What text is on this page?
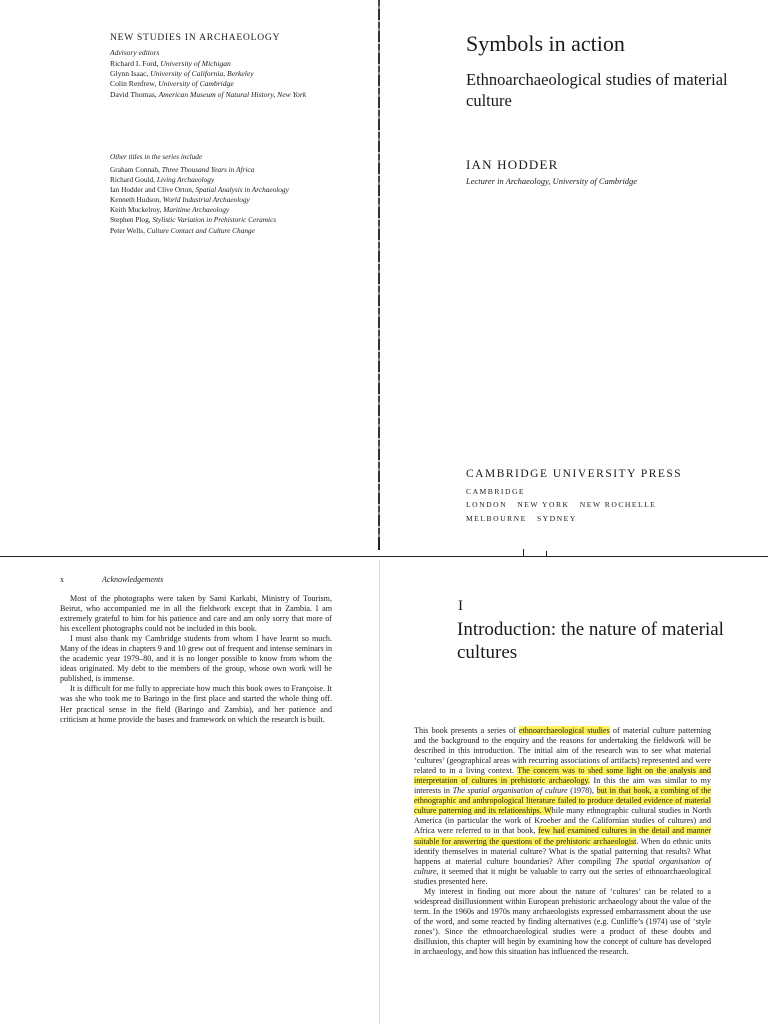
NEW STUDIES IN ARCHAEOLOGY
Advisory editors
Richard I. Ford, University of Michigan
Glynn Isaac, University of California, Berkeley
Colin Renfrew, University of Cambridge
David Thomas, American Museum of Natural History, New York
Other titles in the series include
Graham Connah, Three Thousand Years in Africa
Richard Gould, Living Archaeology
Ian Hodder and Clive Orton, Spatial Analysis in Archaeology
Kenneth Hudson, World Industrial Archaeology
Keith Muckelroy, Maritime Archaeology
Stephen Plog, Stylistic Variation in Prehistoric Ceramics
Peter Wells, Culture Contact and Culture Change
Symbols in action
Ethnoarchaeological studies of material culture
IAN HODDER
Lecturer in Archaeology, University of Cambridge
CAMBRIDGE UNIVERSITY PRESS
CAMBRIDGE
LONDON   NEW YORK   NEW ROCHELLE
MELBOURNE   SYDNEY
x	Acknowledgements

Most of the photographs were taken by Sami Karkabi, Ministry of Tourism, Beirut, who accompanied me in all the fieldwork except that in Zambia. I am extremely grateful to him for his patience and care and am only sorry that more of his excellent photographs could not be included in this book.

I must also thank my Cambridge students from whom I have learnt so much. Many of the ideas in chapters 9 and 10 grew out of frequent and intense seminars in the academic year 1979–80, and it is no longer possible to know from whom the ideas originated. My debt to the members of the group, whose own work will be published, is immense.

It is difficult for me fully to appreciate how much this book owes to Françoise. It was she who took me to Baringo in the first place and started the whole thing off. Her practical sense in the field (Baringo and Zambia), and her patience and criticism at home provide the bases and framework on which the research is built.

I
Introduction: the nature of material cultures

This book presents a series of ethnoarchaeological studies of material culture patterning and the background to the enquiry and the reasons for undertaking the fieldwork will be described in this introduction. The initial aim of the research was to see what material ‘cultures’ (geographical areas with recurring associations of artifacts) represented and were related to in a living context. The concern was to shed some light on the analysis and interpretation of cultures in prehistoric archaeology. In this the aim was similar to my interests in The spatial organisation of culture (1978), but in that book, a combing of the ethnographic and anthropological literature failed to produce detailed evidence of material culture patterning and its relationships. While many ethnographic cultural studies in North America (in particular the work of Kroeber and the Californian studies of cultures) and Africa were referred to in that book, few had examined cultures in the detail and manner suitable for answering the questions of the prehistoric archaeologist. When do ethnic units identify themselves in material culture? What is the spatial patterning that results? What happens at material culture boundaries? After compiling The spatial organisation of culture, it seemed that it might be valuable to carry out the series of ethnoarchaeological studies presented here.

My interest in finding out more about the nature of ‘cultures’ can be related to a widespread disillusionment within European prehistoric archaeology about the value of the term. In the 1960s and 1970s many archaeologists expressed embarrassment about the use of the word, and some reacted by finding alternatives (e.g. Cunliffe’s (1974) use of ‘style zones’). Since the ethnoarchaeological studies were a product of these doubts and disillusion, this chapter will begin by examining how the concept of culture has developed in archaeology, and how this situation has influenced the research.
